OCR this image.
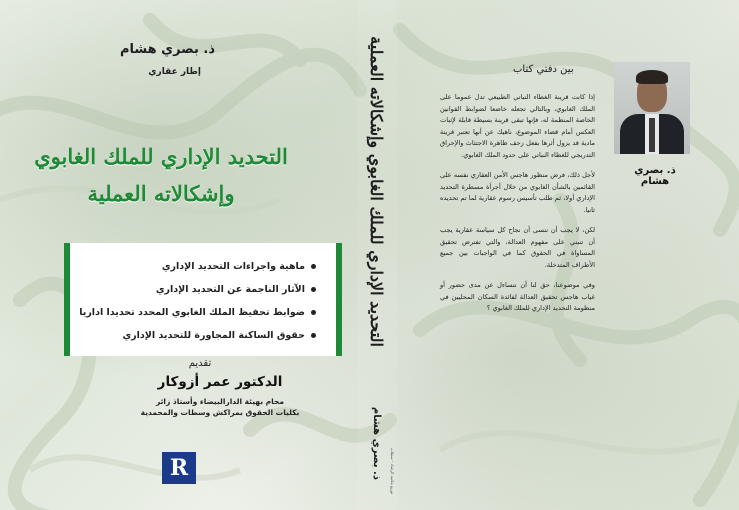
ذ. بصري هشام
إطار عقاري
التحديد الإداري للملك الغابوي
وإشكالاته العملية
ماهية واجراءات التحديد الإداري
الآثار الناجمة عن التحديد الإداري
ضوابط تحفيظ الملك الغابوي المحدد تحديدا اداريا
حقوق الساكنة المجاورة للتحديد الإداري
تقديم
الدكتور عمر أزوكار
محام بهيئة الدارالبيضاء وأستاذ زائر
بكليات الحقوق بمراكش وسطات والمحمدية
R	ذ. بصري هشام
التحديد الإداري للملك الغابوي وإشكالاته العملية
توزيع مكتبة الرشاد - سطات
بين دفتي كتاب

إذا كانت قرينة الغطاء النباتي الطبيعي تدل عموما على الملك الغابوي، وبالتالي تجعله خاضعا لضوابط القوانين الخاصة المنظمة له، فإنها تبقى قرينة بسيطة قابلة لإثبات العكس أمام قضاء الموضوع، ناهيك عن أنها تعتبر قرينة مادية قد يزول أثرها بفعل زحف ظاهرة الاجتثاث والإحراق التدريجي للغطاء النباتي على حدود الملك الغابوي.

لأجل ذلك، فرض منظور هاجس الأمن العقاري نفسه على القائمين بالشأن الغابوي من خلال أجرأة مسطرة التحديد الإداري أولا، ثم طلب تأسيس رسوم عقارية لما تم تحديده ثانيا.

لكن، لا يجب أن ننسى أن نجاح كل سياسة عقارية يجب أن تنبني على مفهوم العدالة، والتي تفترض تحقيق المساواة في الحقوق كما في الواجبات بين جميع الأطراف المتدخلة.

وفي موضوعنا، حق لنا أن نتساءل عن مدى حضور أو غياب هاجس تحقيق العدالة لفائدة السكان المحليين في منظومة التحديد الإداري للملك الغابوي ؟

ذ. بصري هشام
